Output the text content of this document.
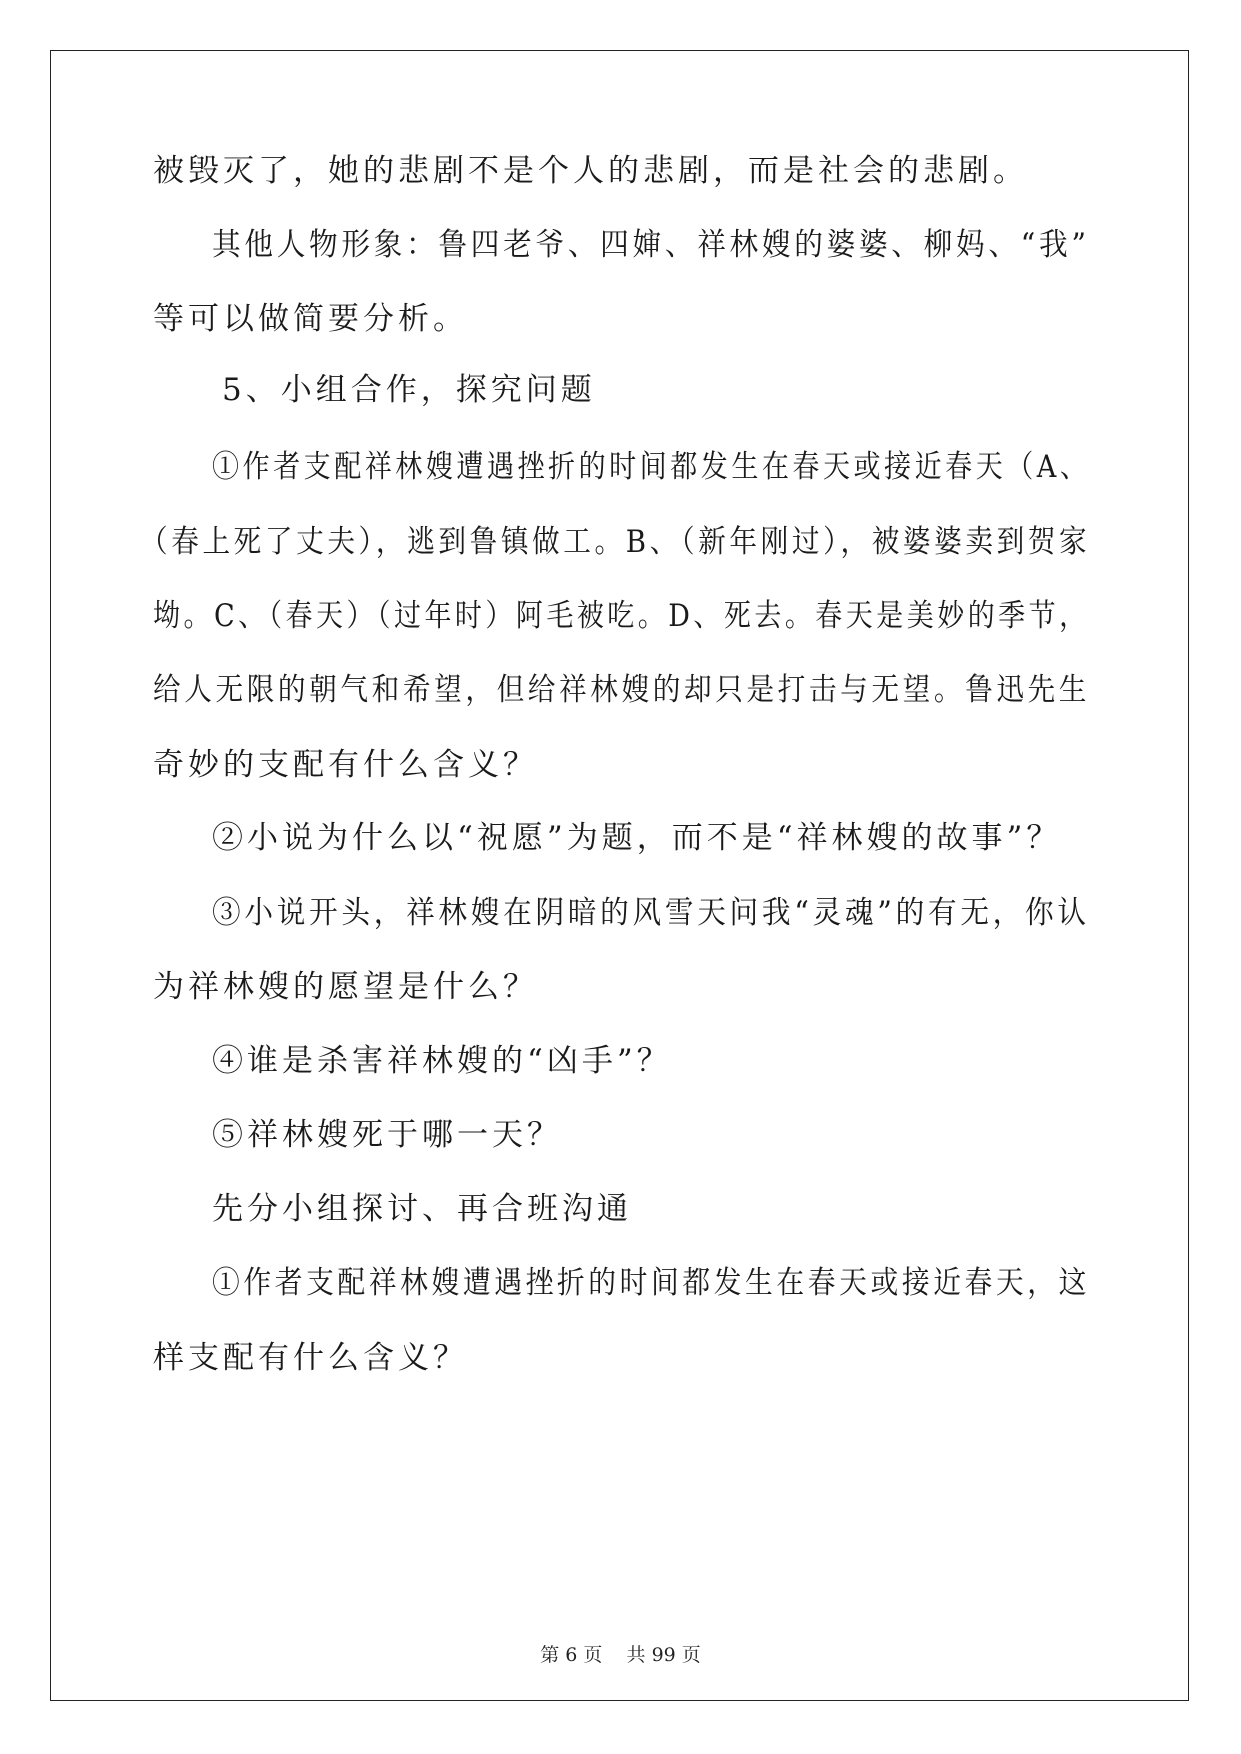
被毁灭了，她的悲剧不是个人的悲剧，而是社会的悲剧。
其他人物形象：鲁四老爷、四婶、祥林嫂的婆婆、柳妈、“我”
等可以做简要分析。
5、小组合作，探究问题
①作者支配祥林嫂遭遇挫折的时间都发生在春天或接近春天（A、
（春上死了丈夫），逃到鲁镇做工。B、（新年刚过），被婆婆卖到贺家
坳。C、（春天）（过年时）阿毛被吃。D、死去。春天是美妙的季节，
给人无限的朝气和希望，但给祥林嫂的却只是打击与无望。鲁迅先生
奇妙的支配有什么含义？
②小说为什么以“祝愿”为题，而不是“祥林嫂的故事”？
③小说开头，祥林嫂在阴暗的风雪天问我“灵魂”的有无，你认
为祥林嫂的愿望是什么？
④谁是杀害祥林嫂的“凶手”？
⑤祥林嫂死于哪一天？
先分小组探讨、再合班沟通
①作者支配祥林嫂遭遇挫折的时间都发生在春天或接近春天，这
样支配有什么含义？
第 6 页    共 99 页
